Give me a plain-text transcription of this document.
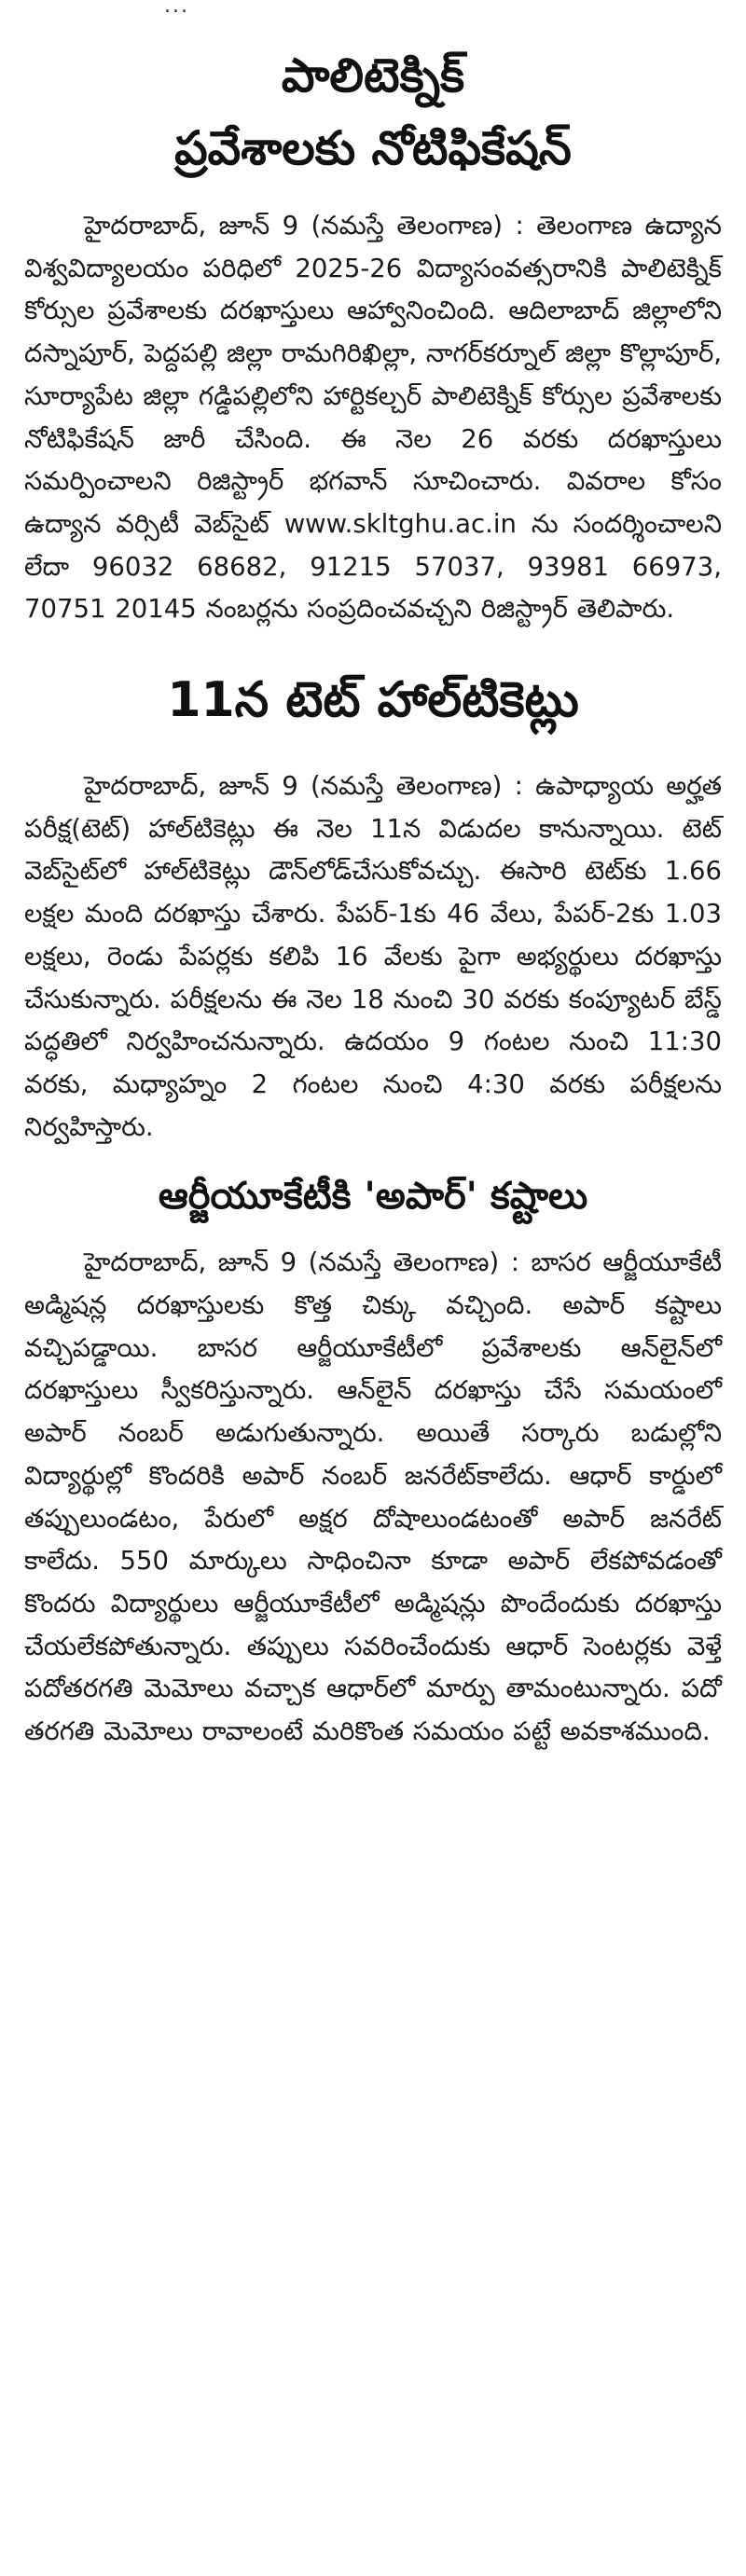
...
పాలిటెక్నిక్
ప్రవేశాలకు నోటిఫికేషన్

హైదరాబాద్, జూన్ 9 (నమస్తే తెలంగాణ) : తెలంగాణ ఉద్యాన విశ్వవిద్యాలయం పరిధిలో 2025-26 విద్యాసంవత్సరానికి పాలిటెక్నిక్ కోర్సుల ప్రవేశాలకు దరఖాస్తులు ఆహ్వానించింది. ఆదిలాబాద్ జిల్లాలోని దస్నాపూర్, పెద్దపల్లి జిల్లా రామగిరిఖిల్లా, నాగర్‌కర్నూల్ జిల్లా కొల్లాపూర్, సూర్యాపేట జిల్లా గడ్డిపల్లిలోని హార్టికల్చర్ పాలిటెక్నిక్ కోర్సుల ప్రవేశాలకు నోటిఫికేషన్ జారీ చేసింది. ఈ నెల 26 వరకు దరఖాస్తులు సమర్పించాలని రిజిస్ట్రార్ భగవాన్ సూచించారు. వివరాల కోసం ఉద్యాన వర్సిటీ వెబ్‌సైట్ www.skltghu.ac.in ను సందర్శించాలని లేదా 96032 68682, 91215 57037, 93981 66973, 70751 20145 నంబర్లను సంప్రదించవచ్చని రిజిస్ట్రార్ తెలిపారు.

11న టెట్ హాల్‌టికెట్లు

హైదరాబాద్, జూన్ 9 (నమస్తే తెలంగాణ) : ఉపాధ్యాయ అర్హత పరీక్ష(టెట్) హాల్‌టికెట్లు ఈ నెల 11న విడుదల కానున్నాయి. టెట్ వెబ్‌సైట్‌లో హాల్‌టికెట్లు డౌన్‌లోడ్‌చేసుకోవచ్చు. ఈసారి టెట్‌కు 1.66 లక్షల మంది దరఖాస్తు చేశారు. పేపర్-1కు 46 వేలు, పేపర్-2కు 1.03 లక్షలు, రెండు పేపర్లకు కలిపి 16 వేలకు పైగా అభ్యర్థులు దరఖాస్తు చేసుకున్నారు. పరీక్షలను ఈ నెల 18 నుంచి 30 వరకు కంప్యూటర్ బేస్డ్ పద్ధతిలో నిర్వహించనున్నారు. ఉదయం 9 గంటల నుంచి 11:30 వరకు, మధ్యాహ్నం 2 గంటల నుంచి 4:30 వరకు పరీక్షలను నిర్వహిస్తారు.

ఆర్జీయూకేటీకి 'అపార్' కష్టాలు

హైదరాబాద్, జూన్ 9 (నమస్తే తెలంగాణ) : బాసర ఆర్జీయూకేటీ అడ్మిషన్ల దరఖాస్తులకు కొత్త చిక్కు వచ్చింది. అపార్ కష్టాలు వచ్చిపడ్డాయి. బాసర ఆర్జీయూకేటీలో ప్రవేశాలకు ఆన్‌లైన్‌లో దరఖాస్తులు స్వీకరిస్తున్నారు. ఆన్‌లైన్ దరఖాస్తు చేసే సమయంలో అపార్ నంబర్ అడుగుతున్నారు. అయితే సర్కారు బడుల్లోని విద్యార్థుల్లో కొందరికి అపార్ నంబర్ జనరేట్‌కాలేదు. ఆధార్ కార్డులో తప్పులుండటం, పేరులో అక్షర దోషాలుండటంతో అపార్ జనరేట్ కాలేదు. 550 మార్కులు సాధించినా కూడా అపార్ లేకపోవడంతో కొందరు విద్యార్థులు ఆర్జీయూకేటీలో అడ్మిషన్లు పొందేందుకు దరఖాస్తు చేయలేకపోతున్నారు. తప్పులు సవరించేందుకు ఆధార్ సెంటర్లకు వెళ్తే పదోతరగతి మెమోలు వచ్చాక ఆధార్‌లో మార్పు తామంటున్నారు. పదో తరగతి మెమోలు రావాలంటే మరికొంత సమయం పట్టే అవకాశముంది.
